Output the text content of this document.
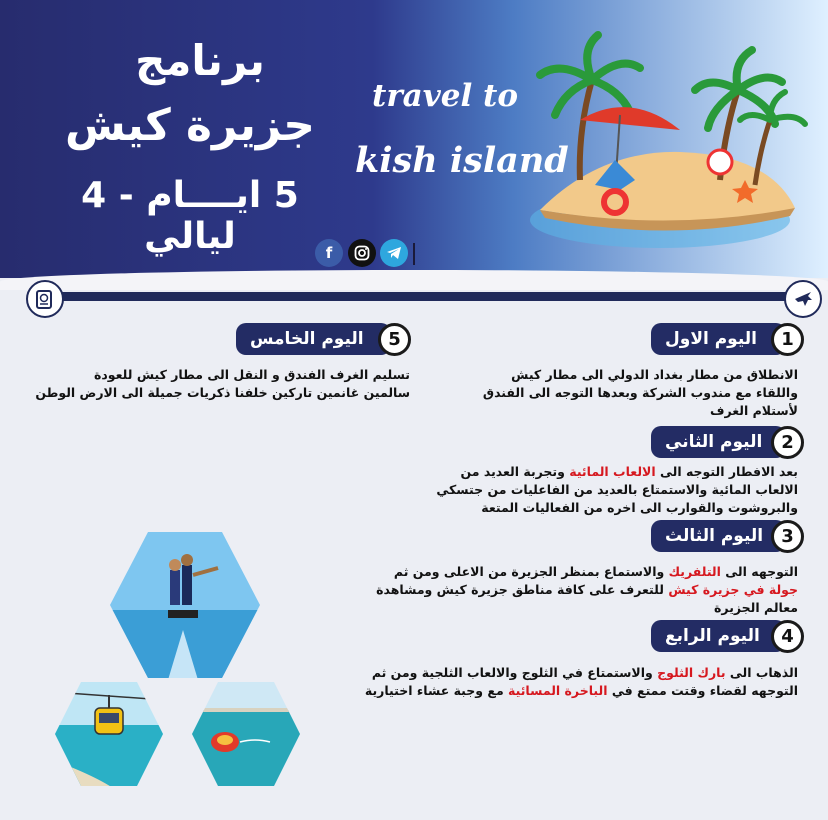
برنامج
جزيرة كيش
5 ايــــام - 4 ليالي
travel to
kish island
f
اليوم الاول	1
الانطلاق من مطار بغداد الدولي الى مطار كيش
واللقاء مع مندوب الشركة وبعدها التوجه الى الفندق
لأستلام الغرف
اليوم الثاني	2
بعد الافطار التوجه الى الالعاب المائية وتجربة العديد من
الالعاب المائية والاستمتاع بالعديد من الفاعليات من جتسكي
والبروشوت والقوارب الى اخره من الفعاليات المتعة
اليوم الثالث	3
التوجهه الى التلفريك والاستماع بمنظر الجزيرة من الاعلى ومن ثم
جولة في جزيرة كيش للتعرف على كافة مناطق جزيرة كيش ومشاهدة
معالم الجزيرة
اليوم الرابع	4
الذهاب الى بارك الثلوج والاستمتاع في الثلوج والالعاب الثلجية ومن ثم
التوجهه لقضاء وقتت ممتع في الباخرة المسائية مع وجبة عشاء اختيارية
اليوم الخامس	5
تسليم الغرف الفندق و النقل الى مطار كيش للعودة
سالمين غانمين تاركين خلفنا ذكريات جميلة الى الارض الوطن
